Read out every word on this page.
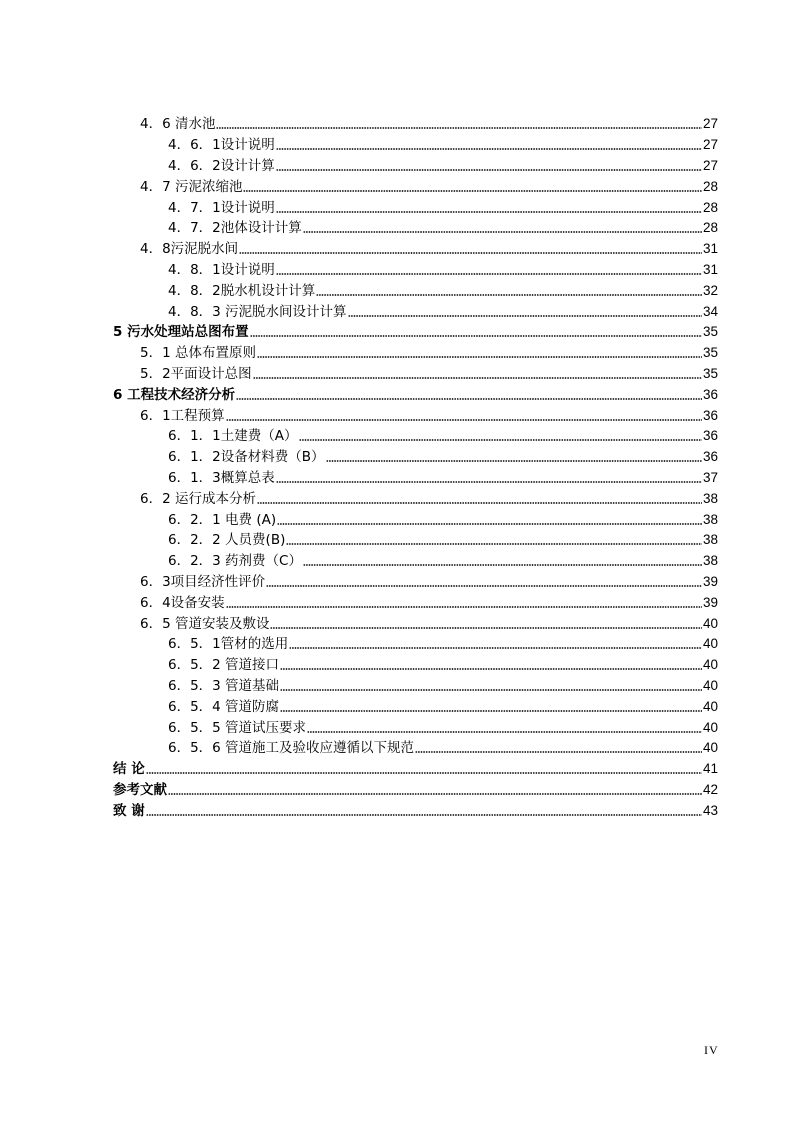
4．6 清水池	27
4．6．1设计说明	27
4．6．2设计计算	27
4．7 污泥浓缩池	28
4．7．1设计说明	28
4．7．2池体设计计算	28
4．8污泥脱水间	31
4．8．1设计说明	31
4．8．2脱水机设计计算	32
4．8．3 污泥脱水间设计计算	34
5 污水处理站总图布置	35
5．1 总体布置原则	35
5．2平面设计总图	35
6 工程技术经济分析	36
6．1工程预算	36
6．1．1土建费（A）	36
6．1．2设备材料费（B）	36
6．1．3概算总表	37
6．2 运行成本分析	38
6．2．1 电费 (A)	38
6．2．2 人员费(B)	38
6．2．3 药剂费（C）	38
6．3项目经济性评价	39
6．4设备安装	39
6．5 管道安装及敷设	40
6．5．1管材的选用	40
6．5．2 管道接口	40
6．5．3 管道基础	40
6．5．4 管道防腐	40
6．5．5 管道试压要求	40
6．5．6 管道施工及验收应遵循以下规范	40
结 论	41
参考文献	42
致 谢	43
IV
